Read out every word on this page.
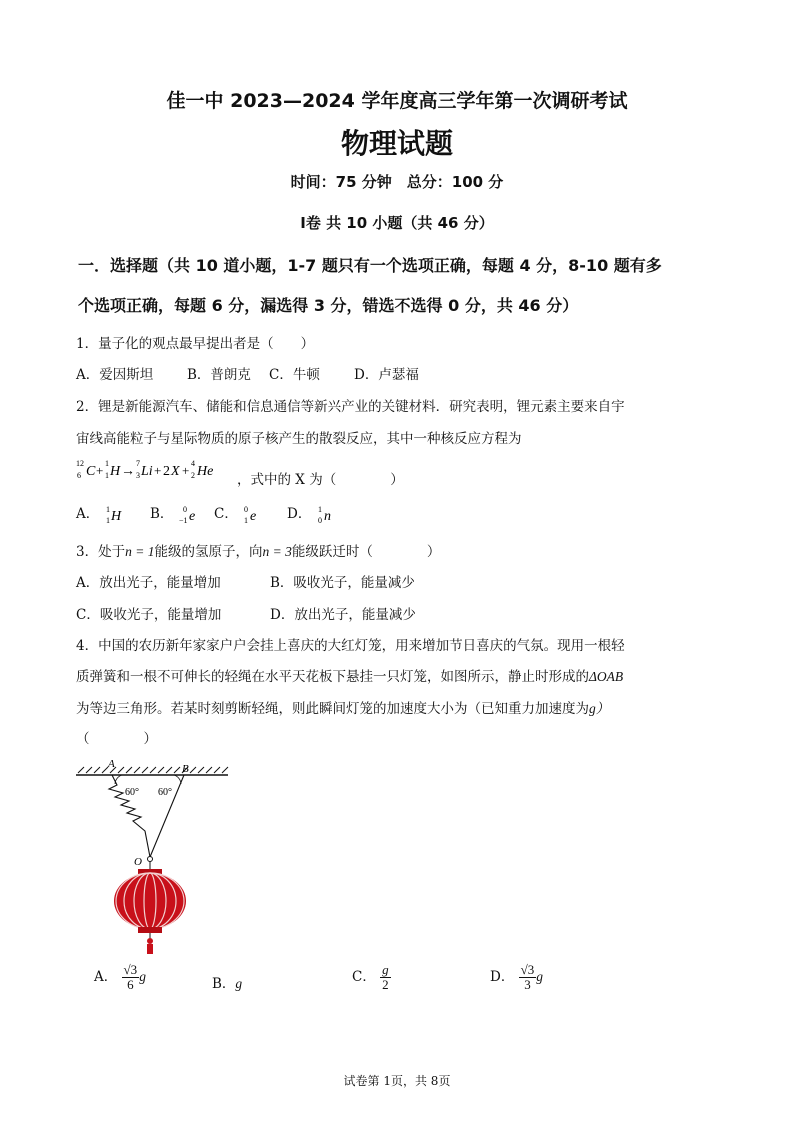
佳一中 2023—2024 学年度高三学年第一次调研考试
物理试题
时间：75 分钟　总分：100 分
Ⅰ卷 共 10 小题（共 46 分）
一．选择题（共 10 道小题，1-7 题只有一个选项正确，每题 4 分，8-10 题有多
个选项正确，每题 6 分，漏选得 3 分，错选不选得 0 分，共 46 分）
1．量子化的观点最早提出者是（　　）
A．爱因斯坦	B．普朗克 C．牛顿	D．卢瑟福
2．锂是新能源汽车、储能和信息通信等新兴产业的关键材料．研究表明，锂元素主要来自宇
宙线高能粒子与星际物质的原子核产生的散裂反应，其中一种核反应方程为
12
6 C + 1
1 H →
7
3 Li + 2 X + 4
2 He
，式中的 X 为（　　　　）
A． 1
1 H B． 0
−1 e C． 0
1 e D． 1
0 n
3．处于n = 1能级的氢原子，向n = 3能级跃迁时（　　　　）
A．放出光子，能量增加	B．吸收光子，能量减少
C．吸收光子，能量增加	D．放出光子，能量减少
4．中国的农历新年家家户户会挂上喜庆的大红灯笼，用来增加节日喜庆的气氛。现用一根轻
质弹簧和一根不可伸长的轻绳在水平天花板下悬挂一只灯笼，如图所示，静止时形成的ΔOAB
为等边三角形。若某时刻剪断轻绳，则此瞬间灯笼的加速度大小为（已知重力加速度为g）
（　　　　）
A	B
60° 60°
O
A． $\frac{√3}{6}$ g	B．g	C． $\frac{g}{2}$	D． $\frac{√3}{3}$ g
试卷第 1页，共 8页
